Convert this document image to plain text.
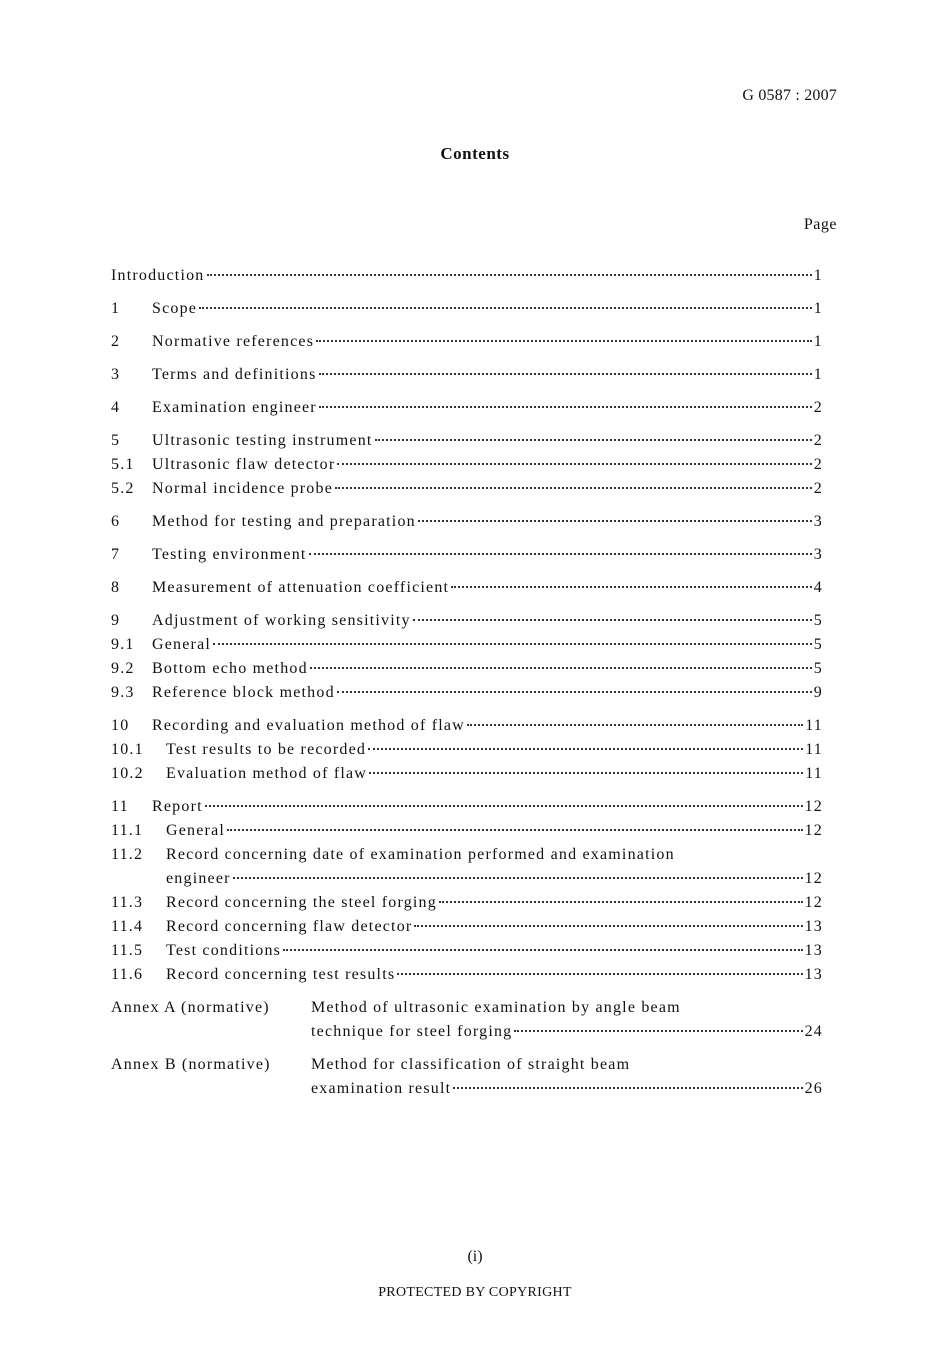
G 0587 : 2007
Contents
Page
Introduction	1
1	Scope	1
2	Normative references	1
3	Terms and definitions	1
4	Examination engineer	2
5	Ultrasonic testing instrument	2
5.1	Ultrasonic flaw detector	2
5.2	Normal incidence probe	2
6	Method for testing and preparation	3
7	Testing environment	3
8	Measurement of attenuation coefficient	4
9	Adjustment of working sensitivity	5
9.1	General	5
9.2	Bottom echo method	5
9.3	Reference block method	9
10	Recording and evaluation method of flaw	11
10.1	Test results to be recorded	11
10.2	Evaluation method of flaw	11
11	Report	12
11.1	General	12
11.2	Record concerning date of examination performed and examination
engineer	12
11.3	Record concerning the steel forging	12
11.4	Record concerning flaw detector	13
11.5	Test conditions	13
11.6	Record concerning test results	13
Annex A (normative)	Method of ultrasonic examination by angle beam
technique for steel forging	24
Annex B (normative)	Method for classification of straight beam
examination result	26
(i)
PROTECTED BY COPYRIGHT
